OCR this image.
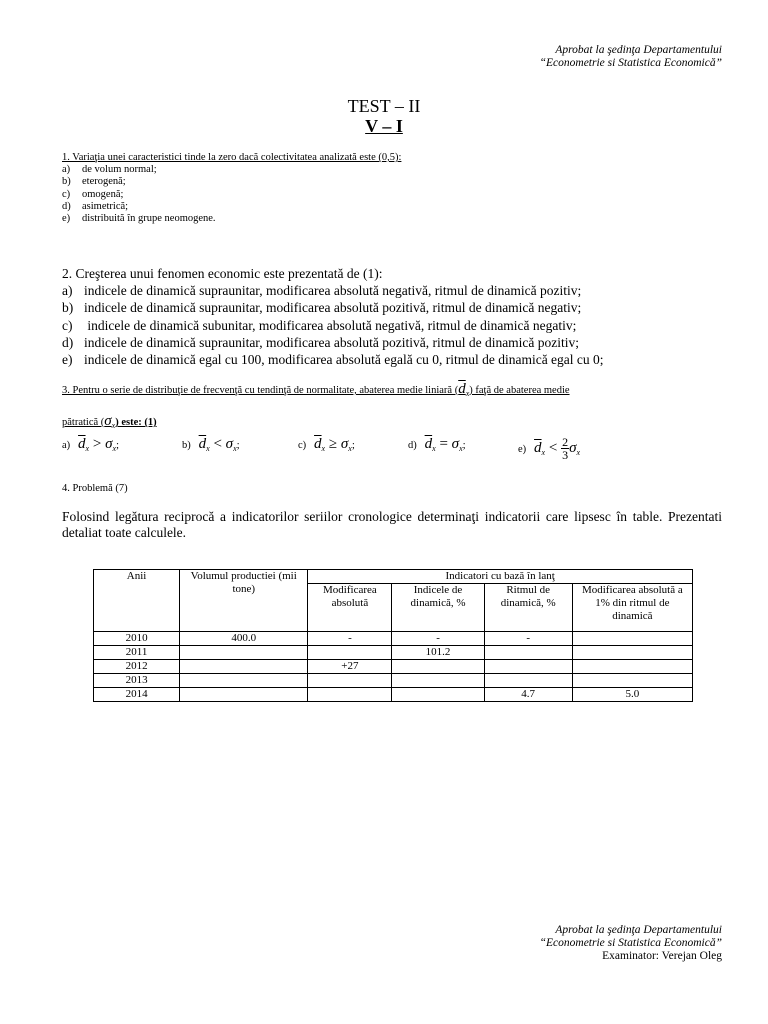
Aprobat la şedinţa Departamentului
“Econometrie si Statistica Economică”
TEST – II
V – I
1. Variaţia unei caracteristici tinde la zero dacă colectivitatea analizată este (0,5):
a)	de volum normal;
b)	eterogenă;
c)	omogenă;
d)	asimetrică;
e)	distribuită în grupe neomogene.
2. Creşterea unui fenomen economic este prezentată de (1):
a) indicele de dinamică supraunitar, modificarea absolută negativă, ritmul de dinamică pozitiv;
b) indicele de dinamică supraunitar, modificarea absolută pozitivă, ritmul de dinamică negativ;
c) indicele de dinamică subunitar, modificarea absolută negativă, ritmul de dinamică negativ;
d) indicele de dinamică supraunitar, modificarea absolută pozitivă, ritmul de dinamică pozitiv;
e) indicele de dinamică egal cu 100, modificarea absolută egală cu 0, ritmul de dinamică egal cu 0;
3. Pentru o serie de distribuţie de frecvenţă cu tendinţă de normalitate, abaterea medie liniară $(d_x)$ faţă de abaterea medie
pătratică $(\sigma_x)$ este: (1)
a) $\overline{d}_x > \sigma_x$;	b) $\overline{d}_x < \sigma_x$;	c) $\overline{d}_x \ge \sigma_x$;	d) $\overline{d}_x = \sigma_x$;	e) $\overline{d}_x < \frac{2}{3} \sigma_x$
4. Problemă (7)
Folosind legătura reciprocă a indicatorilor seriilor cronologice determinaţi indicatorii care lipsesc în table. Prezentati detaliat toate calculele.
Anii	Volumul productiei (mii tone)	Indicatori cu bază în lanţ			
		Modificarea absolută	Indicele de dinamică, %	Ritmul de dinamică, %	Modificarea absolută a 1% din ritmul de dinamică
2010	400.0	-	-	-	
2011			101.2		
2012		+27			
2013					
2014				4.7	5.0
Aprobat la şedinţa Departamentului
“Econometrie si Statistica Economică”
Examinator: Verejan Oleg
